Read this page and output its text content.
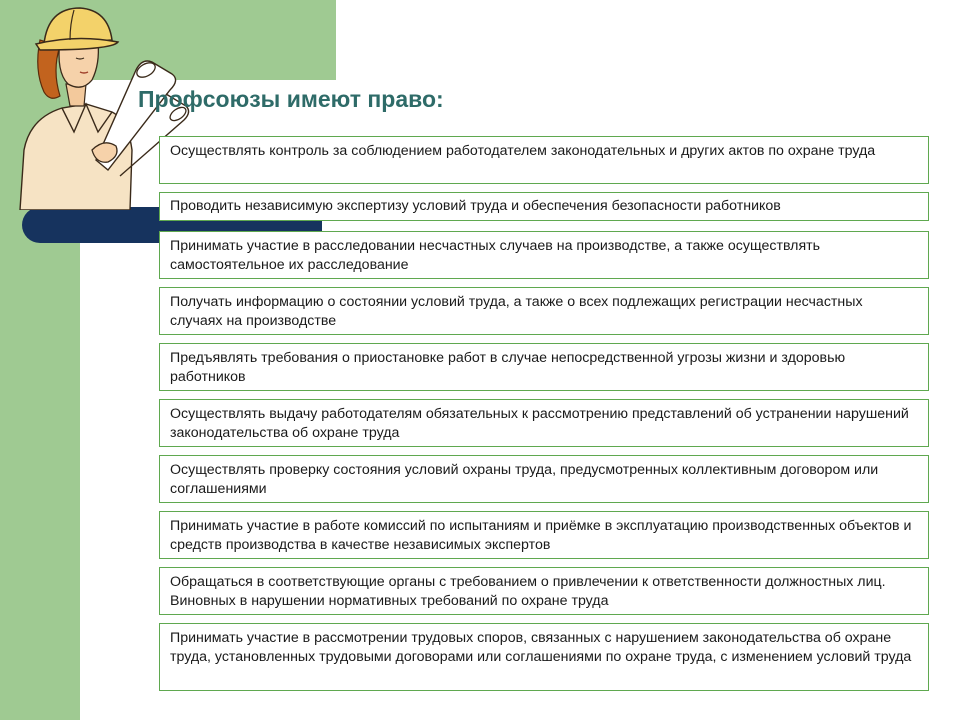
Профсоюзы имеют право:
Осуществлять контроль за соблюдением работодателем законодательных и других актов по охране труда
Проводить независимую экспертизу условий труда и обеспечения безопасности работников
Принимать участие в расследовании несчастных случаев на производстве, а также осуществлять самостоятельное их расследование
Получать информацию о состоянии условий труда, а также о всех подлежащих регистрации несчастных случаях на производстве
Предъявлять требования о приостановке работ в случае непосредственной угрозы жизни и здоровью работников
Осуществлять выдачу работодателям обязательных к рассмотрению представлений об устранении нарушений законодательства об охране труда
Осуществлять проверку состояния условий охраны труда, предусмотренных коллективным договором или соглашениями
Принимать участие в работе комиссий по испытаниям и приёмке в эксплуатацию производственных объектов и средств производства в качестве независимых экспертов
Обращаться в соответствующие органы с требованием о привлечении к ответственности должностных лиц. Виновных в нарушении нормативных требований по охране труда
Принимать участие в рассмотрении трудовых споров, связанных с нарушением законодательства об охране труда, установленных трудовыми договорами или соглашениями по охране труда, с изменением условий труда
